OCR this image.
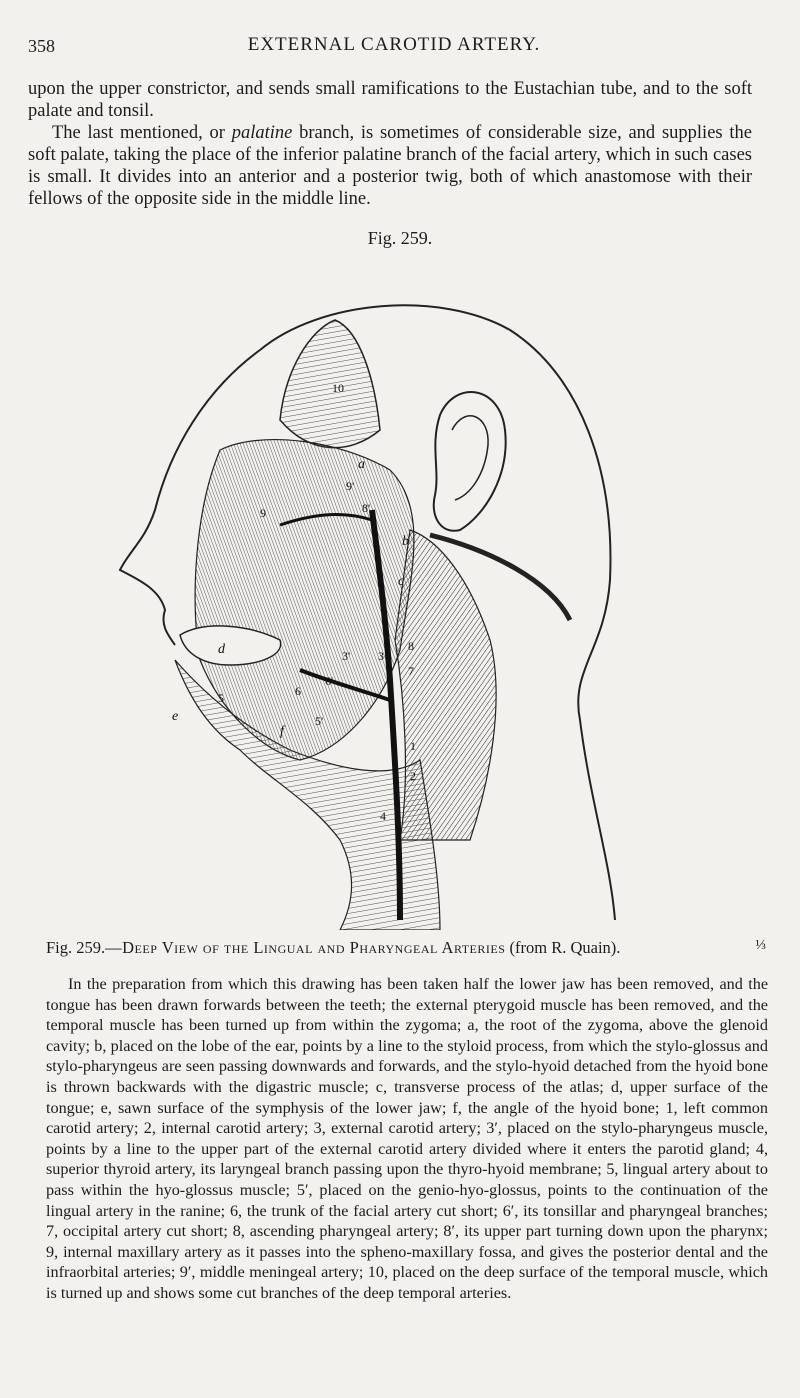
358	EXTERNAL CAROTID ARTERY.

upon the upper constrictor, and sends small ramifications to the Eustachian tube, and to the soft palate and tonsil.

The last mentioned, or palatine branch, is sometimes of considerable size, and supplies the soft palate, taking the place of the inferior palatine branch of the facial artery, which in such cases is small. It divides into an anterior and a posterior twig, both of which anastomose with their fellows of the opposite side in the middle line.

Fig. 259.
a
b
c
d
e
f
1
2
3
3'
4
5
5'
6
6'
7
8
8'
9
9'
10
Fig. 259.—Deep View of the Lingual and Pharyngeal Arteries (from R. Quain).	⅓

In the preparation from which this drawing has been taken half the lower jaw has been removed, and the tongue has been drawn forwards between the teeth; the external pterygoid muscle has been removed, and the temporal muscle has been turned up from within the zygoma; a, the root of the zygoma, above the glenoid cavity; b, placed on the lobe of the ear, points by a line to the styloid process, from which the stylo-glossus and stylo-pharyngeus are seen passing downwards and forwards, and the stylo-hyoid detached from the hyoid bone is thrown backwards with the digastric muscle; c, transverse process of the atlas; d, upper surface of the tongue; e, sawn surface of the symphysis of the lower jaw; f, the angle of the hyoid bone; 1, left common carotid artery; 2, internal carotid artery; 3, external carotid artery; 3′, placed on the stylo-pharyngeus muscle, points by a line to the upper part of the external carotid artery divided where it enters the parotid gland; 4, superior thyroid artery, its laryngeal branch passing upon the thyro-hyoid membrane; 5, lingual artery about to pass within the hyo-glossus muscle; 5′, placed on the genio-hyo-glossus, points to the continuation of the lingual artery in the ranine; 6, the trunk of the facial artery cut short; 6′, its tonsillar and pharyngeal branches; 7, occipital artery cut short; 8, ascending pharyngeal artery; 8′, its upper part turning down upon the pharynx; 9, internal maxillary artery as it passes into the spheno-maxillary fossa, and gives the posterior dental and the infraorbital arteries; 9′, middle meningeal artery; 10, placed on the deep surface of the temporal muscle, which is turned up and shows some cut branches of the deep temporal arteries.
